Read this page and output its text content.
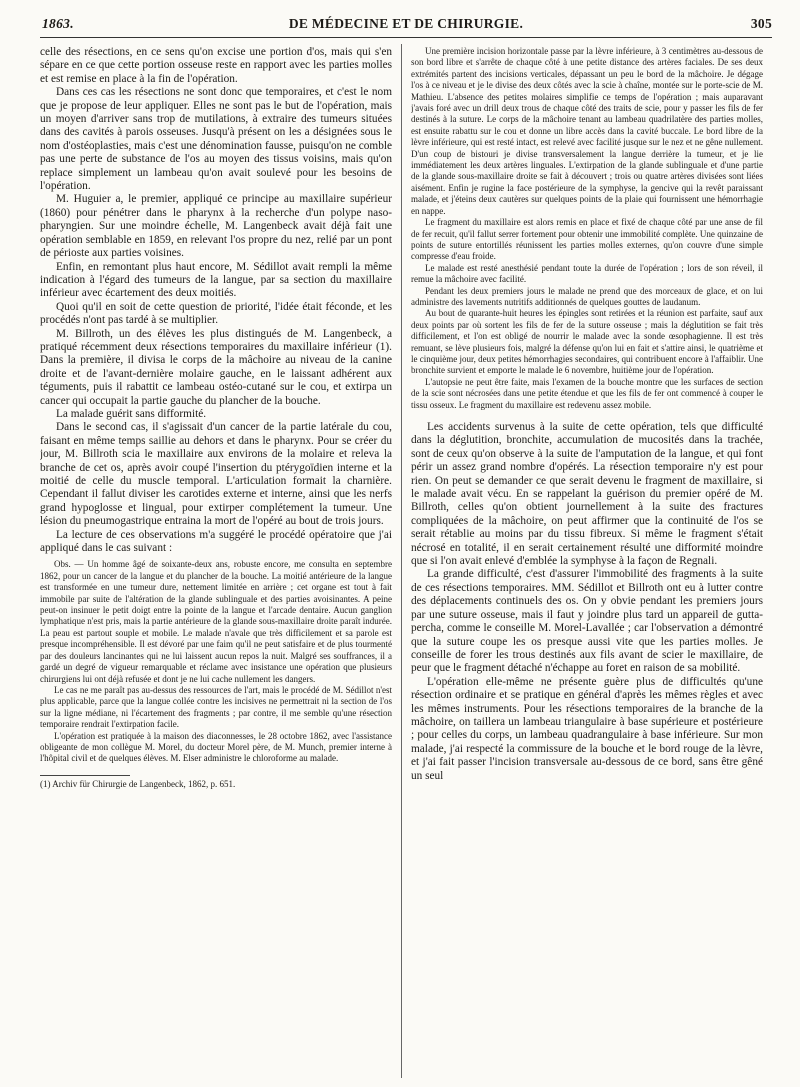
1863.	DE MÉDECINE ET DE CHIRURGIE.	305

celle des résections, en ce sens qu'on excise une portion d'os, mais qui s'en sépare en ce que cette portion osseuse reste en rapport avec les parties molles et est remise en place à la fin de l'opération.

Dans ces cas les résections ne sont donc que temporaires, et c'est le nom que je propose de leur appliquer. Elles ne sont pas le but de l'opération, mais un moyen d'arriver sans trop de mutilations, à extraire des tumeurs situées dans des cavités à parois osseuses. Jusqu'à présent on les a désignées sous le nom d'ostéoplasties, mais c'est une dénomination fausse, puisqu'on ne comble pas une perte de substance de l'os au moyen des tissus voisins, mais qu'on replace simplement un lambeau qu'on avait soulevé pour les besoins de l'opération.

M. Huguier a, le premier, appliqué ce principe au maxillaire supérieur (1860) pour pénétrer dans le pharynx à la recherche d'un polype naso-pharyngien. Sur une moindre échelle, M. Langenbeck avait déjà fait une opération semblable en 1859, en relevant l'os propre du nez, relié par un pont de périoste aux parties voisines.

Enfin, en remontant plus haut encore, M. Sédillot avait rempli la même indication à l'égard des tumeurs de la langue, par sa section du maxillaire inférieur avec écartement des deux moitiés.

Quoi qu'il en soit de cette question de priorité, l'idée était féconde, et les procédés n'ont pas tardé à se multiplier.

M. Billroth, un des élèves les plus distingués de M. Langenbeck, a pratiqué récemment deux résections temporaires du maxillaire inférieur (1). Dans la première, il divisa le corps de la mâchoire au niveau de la canine droite et de l'avant-dernière molaire gauche, en le laissant adhérent aux téguments, puis il rabattit ce lambeau ostéo-cutané sur le cou, et extirpa un cancer qui occupait la partie gauche du plancher de la bouche.

La malade guérit sans difformité.

Dans le second cas, il s'agissait d'un cancer de la partie latérale du cou, faisant en même temps saillie au dehors et dans le pharynx. Pour se créer du jour, M. Billroth scia le maxillaire aux environs de la molaire et releva la branche de cet os, après avoir coupé l'insertion du ptérygoïdien interne et la moitié de celle du muscle temporal. L'articulation formait la charnière. Cependant il fallut diviser les carotides externe et interne, ainsi que les nerfs grand hypoglosse et lingual, pour extirper complétement la tumeur. Une lésion du pneumogastrique entraina la mort de l'opéré au bout de trois jours.

La lecture de ces observations m'a suggéré le procédé opératoire que j'ai appliqué dans le cas suivant :

Obs. — Un homme âgé de soixante-deux ans, robuste encore, me consulta en septembre 1862, pour un cancer de la langue et du plancher de la bouche. La moitié antérieure de la langue est transformée en une tumeur dure, nettement limitée en arrière ; cet organe est tout à fait immobile par suite de l'altération de la glande sublinguale et des parties avoisinantes. A peine peut-on insinuer le petit doigt entre la pointe de la langue et l'arcade dentaire. Aucun ganglion lymphatique n'est pris, mais la partie antérieure de la glande sous-maxillaire droite paraît indurée. La peau est partout souple et mobile. Le malade n'avale que très difficilement et sa parole est presque incompréhensible. Il est dévoré par une faim qu'il ne peut satisfaire et de plus tourmenté par des douleurs lancinantes qui ne lui laissent aucun repos la nuit. Malgré ses souffrances, il a gardé un degré de vigueur remarquable et réclame avec insistance une opération que plusieurs chirurgiens lui ont déjà refusée et dont je ne lui cache nullement les dangers.

Le cas ne me paraît pas au-dessus des ressources de l'art, mais le procédé de M. Sédillot n'est plus applicable, parce que la langue collée contre les incisives ne permettrait ni la section de l'os sur la ligne médiane, ni l'écartement des fragments ; par contre, il me semble qu'une résection temporaire rendrait l'extirpation facile.

L'opération est pratiquée à la maison des diaconnesses, le 28 octobre 1862, avec l'assistance obligeante de mon collègue M. Morel, du docteur Morel père, de M. Munch, premier interne à l'hôpital civil et de quelques élèves. M. Elser administre le chloroforme au malade.

(1) Archiv für Chirurgie de Langenbeck, 1862, p. 651.

Une première incision horizontale passe par la lèvre inférieure, à 3 centimètres au-dessous de son bord libre et s'arrête de chaque côté à une petite distance des artères faciales. De ses deux extrémités partent des incisions verticales, dépassant un peu le bord de la mâchoire. Je dégage l'os à ce niveau et je le divise des deux côtés avec la scie à chaîne, montée sur le porte-scie de M. Mathieu. L'absence des petites molaires simplifie ce temps de l'opération ; mais auparavant j'avais foré avec un drill deux trous de chaque côté des traits de scie, pour y passer les fils de fer destinés à la suture. Le corps de la mâchoire tenant au lambeau quadrilatère des parties molles, est ensuite rabattu sur le cou et donne un libre accès dans la cavité buccale. Le bord libre de la lèvre inférieure, qui est resté intact, est relevé avec facilité jusque sur le nez et ne gêne nullement. D'un coup de bistouri je divise transversalement la langue derrière la tumeur, et je lie immédiatement les deux artères linguales. L'extirpation de la glande sublinguale et d'une partie de la glande sous-maxillaire droite se fait à découvert ; trois ou quatre artères divisées sont liées aisément. Enfin je rugine la face postérieure de la symphyse, la gencive qui la revêt paraissant malade, et j'éteins deux cautères sur quelques points de la plaie qui fournissent une hémorrhagie en nappe.

Le fragment du maxillaire est alors remis en place et fixé de chaque côté par une anse de fil de fer recuit, qu'il fallut serrer fortement pour obtenir une immobilité complète. Une quinzaine de points de suture entortillés réunissent les parties molles externes, qu'on couvre d'une simple compresse d'eau froide.

Le malade est resté anesthésié pendant toute la durée de l'opération ; lors de son réveil, il remue la mâchoire avec facilité.

Pendant les deux premiers jours le malade ne prend que des morceaux de glace, et on lui administre des lavements nutritifs additionnés de quelques gouttes de laudanum.

Au bout de quarante-huit heures les épingles sont retirées et la réunion est parfaite, sauf aux deux points par où sortent les fils de fer de la suture osseuse ; mais la déglutition se fait très difficilement, et l'on est obligé de nourrir le malade avec la sonde œsophagienne. Il est très remuant, se lève plusieurs fois, malgré la défense qu'on lui en fait et s'attire ainsi, le quatrième et le cinquième jour, deux petites hémorrhagies secondaires, qui contribuent encore à l'affaiblir. Une bronchite survient et emporte le malade le 6 novembre, huitième jour de l'opération.

L'autopsie ne peut être faite, mais l'examen de la bouche montre que les surfaces de section de la scie sont nécrosées dans une petite étendue et que les fils de fer ont commencé à couper le tissu osseux. Le fragment du maxillaire est redevenu assez mobile.

Les accidents survenus à la suite de cette opération, tels que difficulté dans la déglutition, bronchite, accumulation de mucosités dans la trachée, sont de ceux qu'on observe à la suite de l'amputation de la langue, et qui font périr un assez grand nombre d'opérés. La résection temporaire n'y est pour rien. On peut se demander ce que serait devenu le fragment de maxillaire, si le malade avait vécu. En se rappelant la guérison du premier opéré de M. Billroth, celles qu'on obtient journellement à la suite des fractures compliquées de la mâchoire, on peut affirmer que la continuité de l'os se serait rétablie au moins par du tissu fibreux. Si même le fragment s'était nécrosé en totalité, il en serait certainement résulté une difformité moindre que si l'on avait enlevé d'emblée la symphyse à la façon de Regnali.

La grande difficulté, c'est d'assurer l'immobilité des fragments à la suite de ces résections temporaires. MM. Sédillot et Billroth ont eu à lutter contre des déplacements continuels des os. On y obvie pendant les premiers jours par une suture osseuse, mais il faut y joindre plus tard un appareil de gutta-percha, comme le conseille M. Morel-Lavallée ; car l'observation a démontré que la suture coupe les os presque aussi vite que les parties molles. Je conseille de forer les trous destinés aux fils avant de scier le maxillaire, de peur que le fragment détaché n'échappe au foret en raison de sa mobilité.

L'opération elle-même ne présente guère plus de difficultés qu'une résection ordinaire et se pratique en général d'après les mêmes règles et avec les mêmes instruments. Pour les résections temporaires de la branche de la mâchoire, on taillera un lambeau triangulaire à base supérieure et postérieure ; pour celles du corps, un lambeau quadrangulaire à base inférieure. Sur mon malade, j'ai respecté la commissure de la bouche et le bord rouge de la lèvre, et j'ai fait passer l'incision transversale au-dessous de ce bord, sans être gêné un seul
